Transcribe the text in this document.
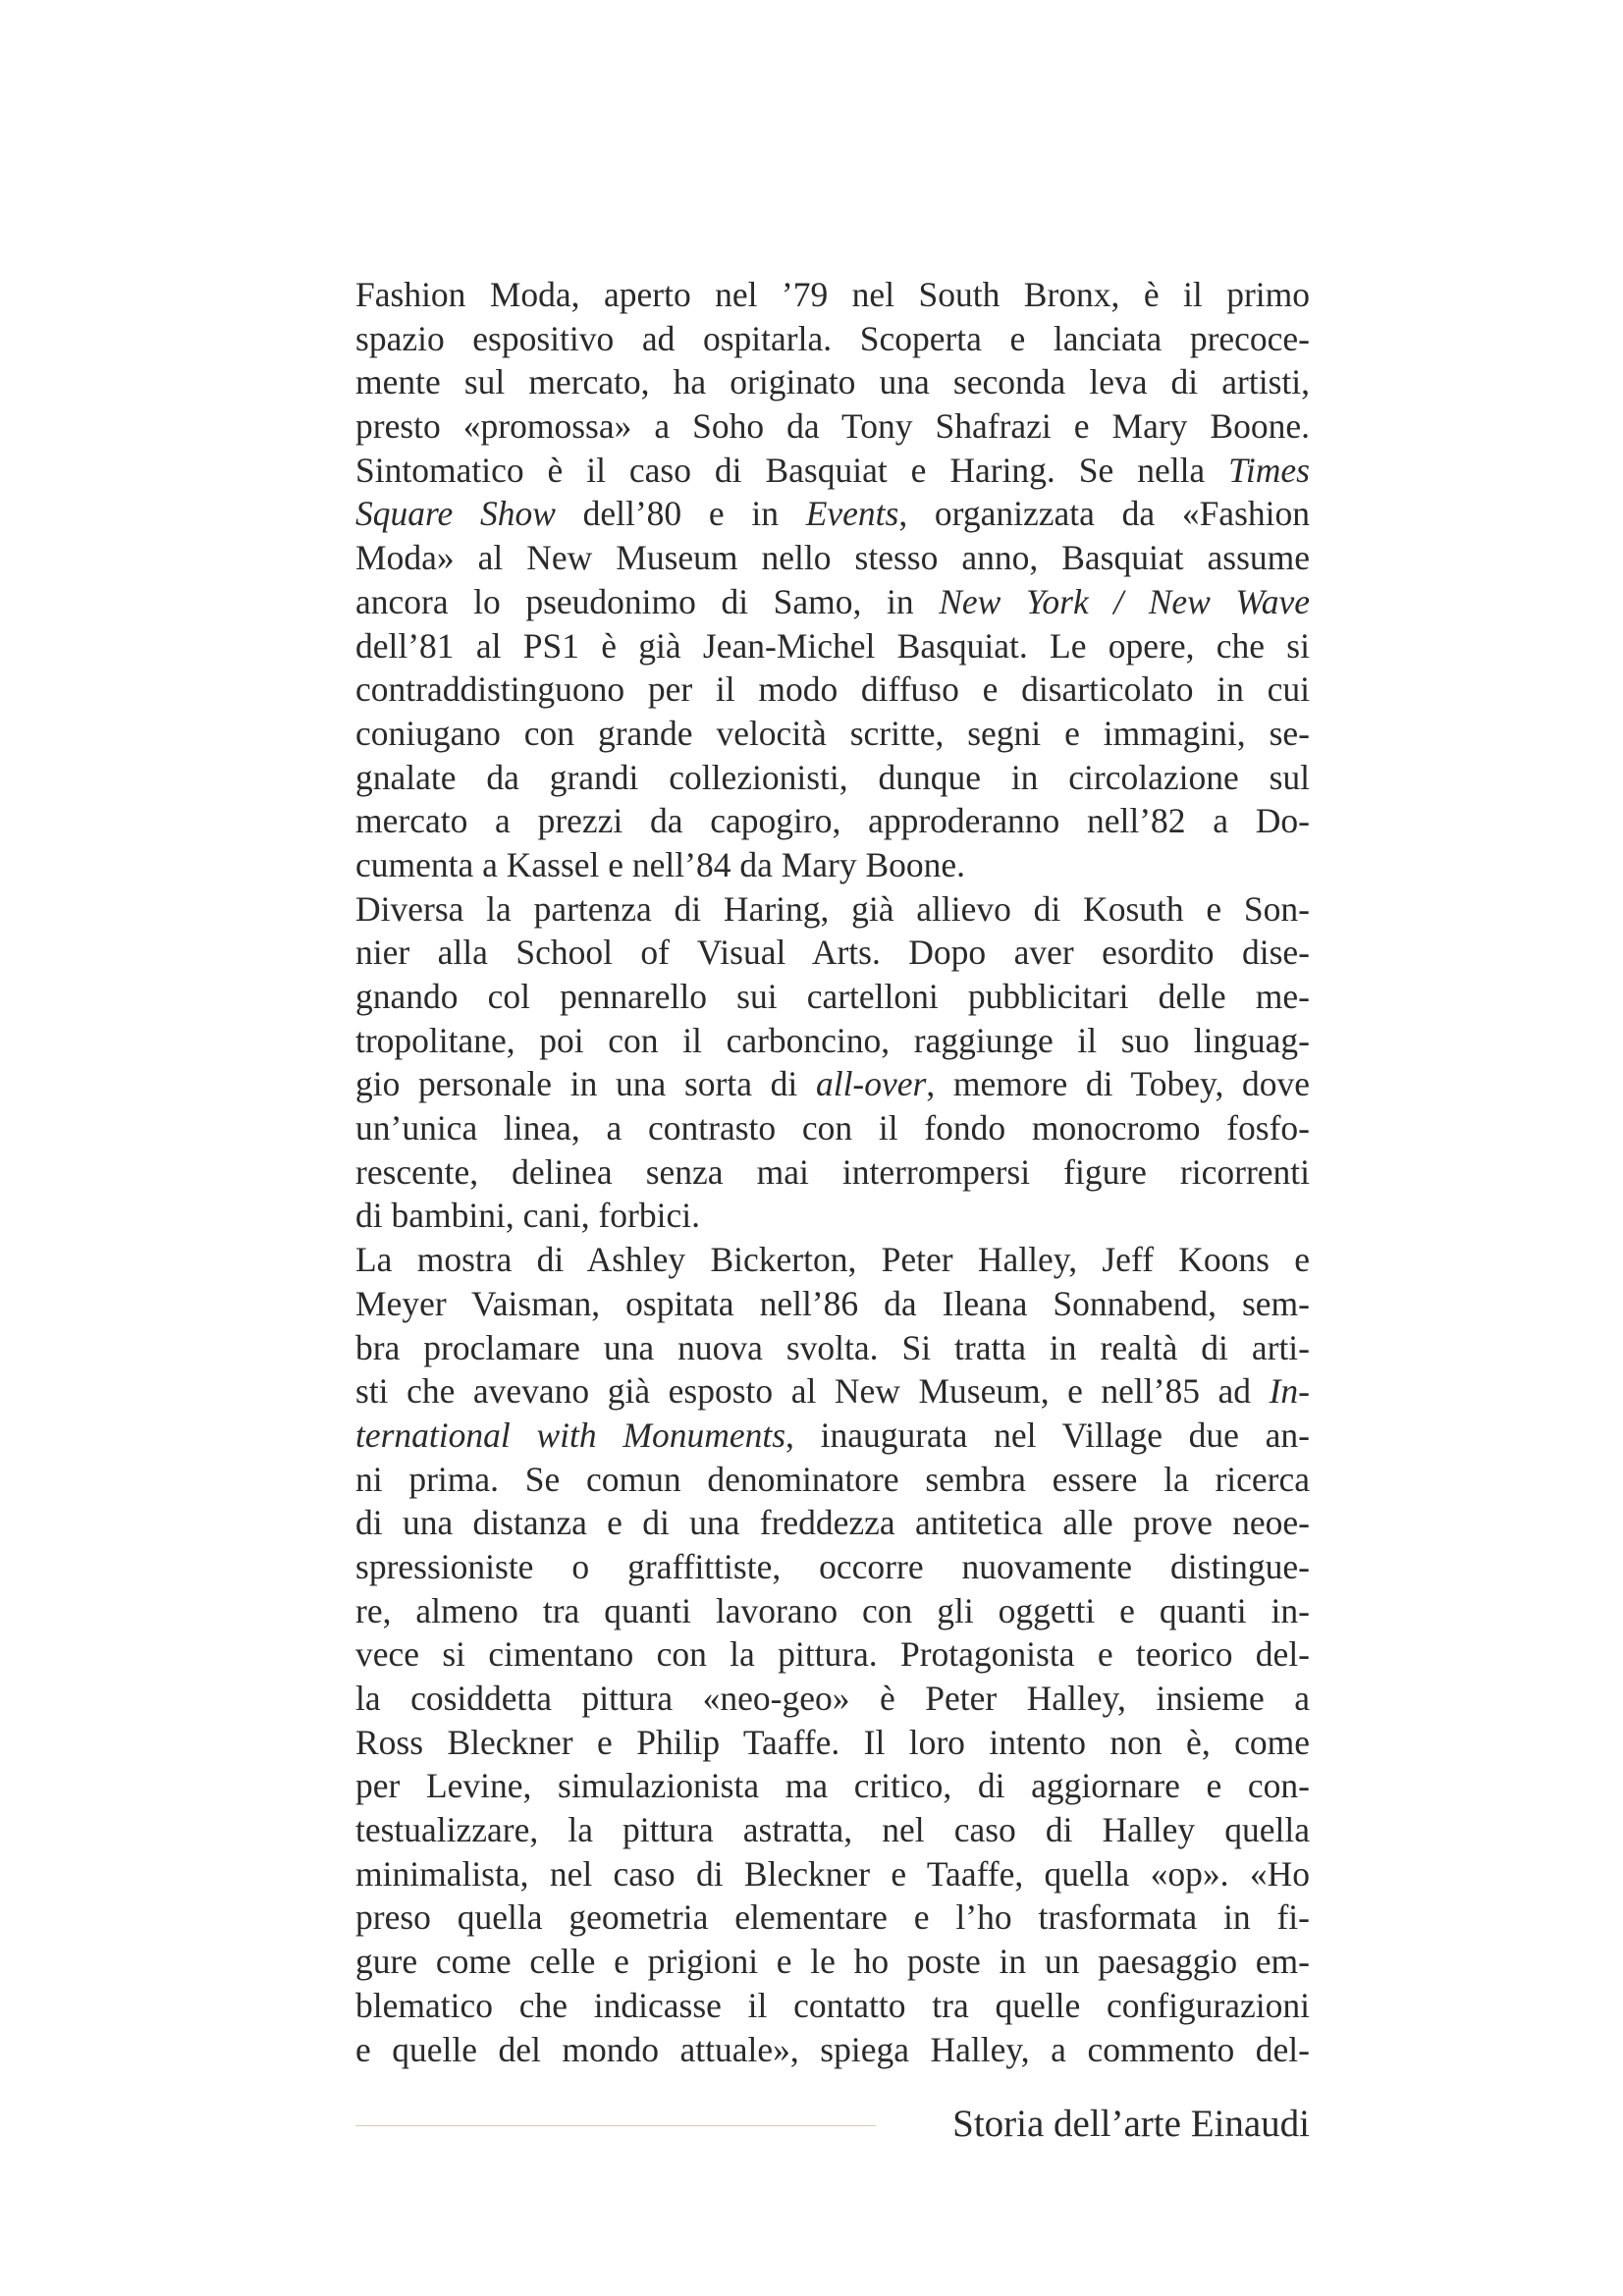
Fashion Moda, aperto nel ’79 nel South Bronx, è il primo
spazio espositivo ad ospitarla. Scoperta e lanciata precoce-
mente sul mercato, ha originato una seconda leva di artisti,
presto «promossa» a Soho da Tony Shafrazi e Mary Boone.
Sintomatico è il caso di Basquiat e Haring. Se nella Times
Square Show dell’80 e in Events, organizzata da «Fashion
Moda» al New Museum nello stesso anno, Basquiat assume
ancora lo pseudonimo di Samo, in New York / New Wave
dell’81 al PS1 è già Jean-Michel Basquiat. Le opere, che si
contraddistinguono per il modo diffuso e disarticolato in cui
coniugano con grande velocità scritte, segni e immagini, se-
gnalate da grandi collezionisti, dunque in circolazione sul
mercato a prezzi da capogiro, approderanno nell’82 a Do-
cumenta a Kassel e nell’84 da Mary Boone.
Diversa la partenza di Haring, già allievo di Kosuth e Son-
nier alla School of Visual Arts. Dopo aver esordito dise-
gnando col pennarello sui cartelloni pubblicitari delle me-
tropolitane, poi con il carboncino, raggiunge il suo linguag-
gio personale in una sorta di all-over, memore di Tobey, dove
un’unica linea, a contrasto con il fondo monocromo fosfo-
rescente, delinea senza mai interrompersi figure ricorrenti
di bambini, cani, forbici.
La mostra di Ashley Bickerton, Peter Halley, Jeff Koons e
Meyer Vaisman, ospitata nell’86 da Ileana Sonnabend, sem-
bra proclamare una nuova svolta. Si tratta in realtà di arti-
sti che avevano già esposto al New Museum, e nell’85 ad In-
ternational with Monuments, inaugurata nel Village due an-
ni prima. Se comun denominatore sembra essere la ricerca
di una distanza e di una freddezza antitetica alle prove neoe-
spressioniste o graffittiste, occorre nuovamente distingue-
re, almeno tra quanti lavorano con gli oggetti e quanti in-
vece si cimentano con la pittura. Protagonista e teorico del-
la cosiddetta pittura «neo-geo» è Peter Halley, insieme a
Ross Bleckner e Philip Taaffe. Il loro intento non è, come
per Levine, simulazionista ma critico, di aggiornare e con-
testualizzare, la pittura astratta, nel caso di Halley quella
minimalista, nel caso di Bleckner e Taaffe, quella «op». «Ho
preso quella geometria elementare e l’ho trasformata in fi-
gure come celle e prigioni e le ho poste in un paesaggio em-
blematico che indicasse il contatto tra quelle configurazioni
e quelle del mondo attuale», spiega Halley, a commento del-
Storia dell’arte Einaudi
